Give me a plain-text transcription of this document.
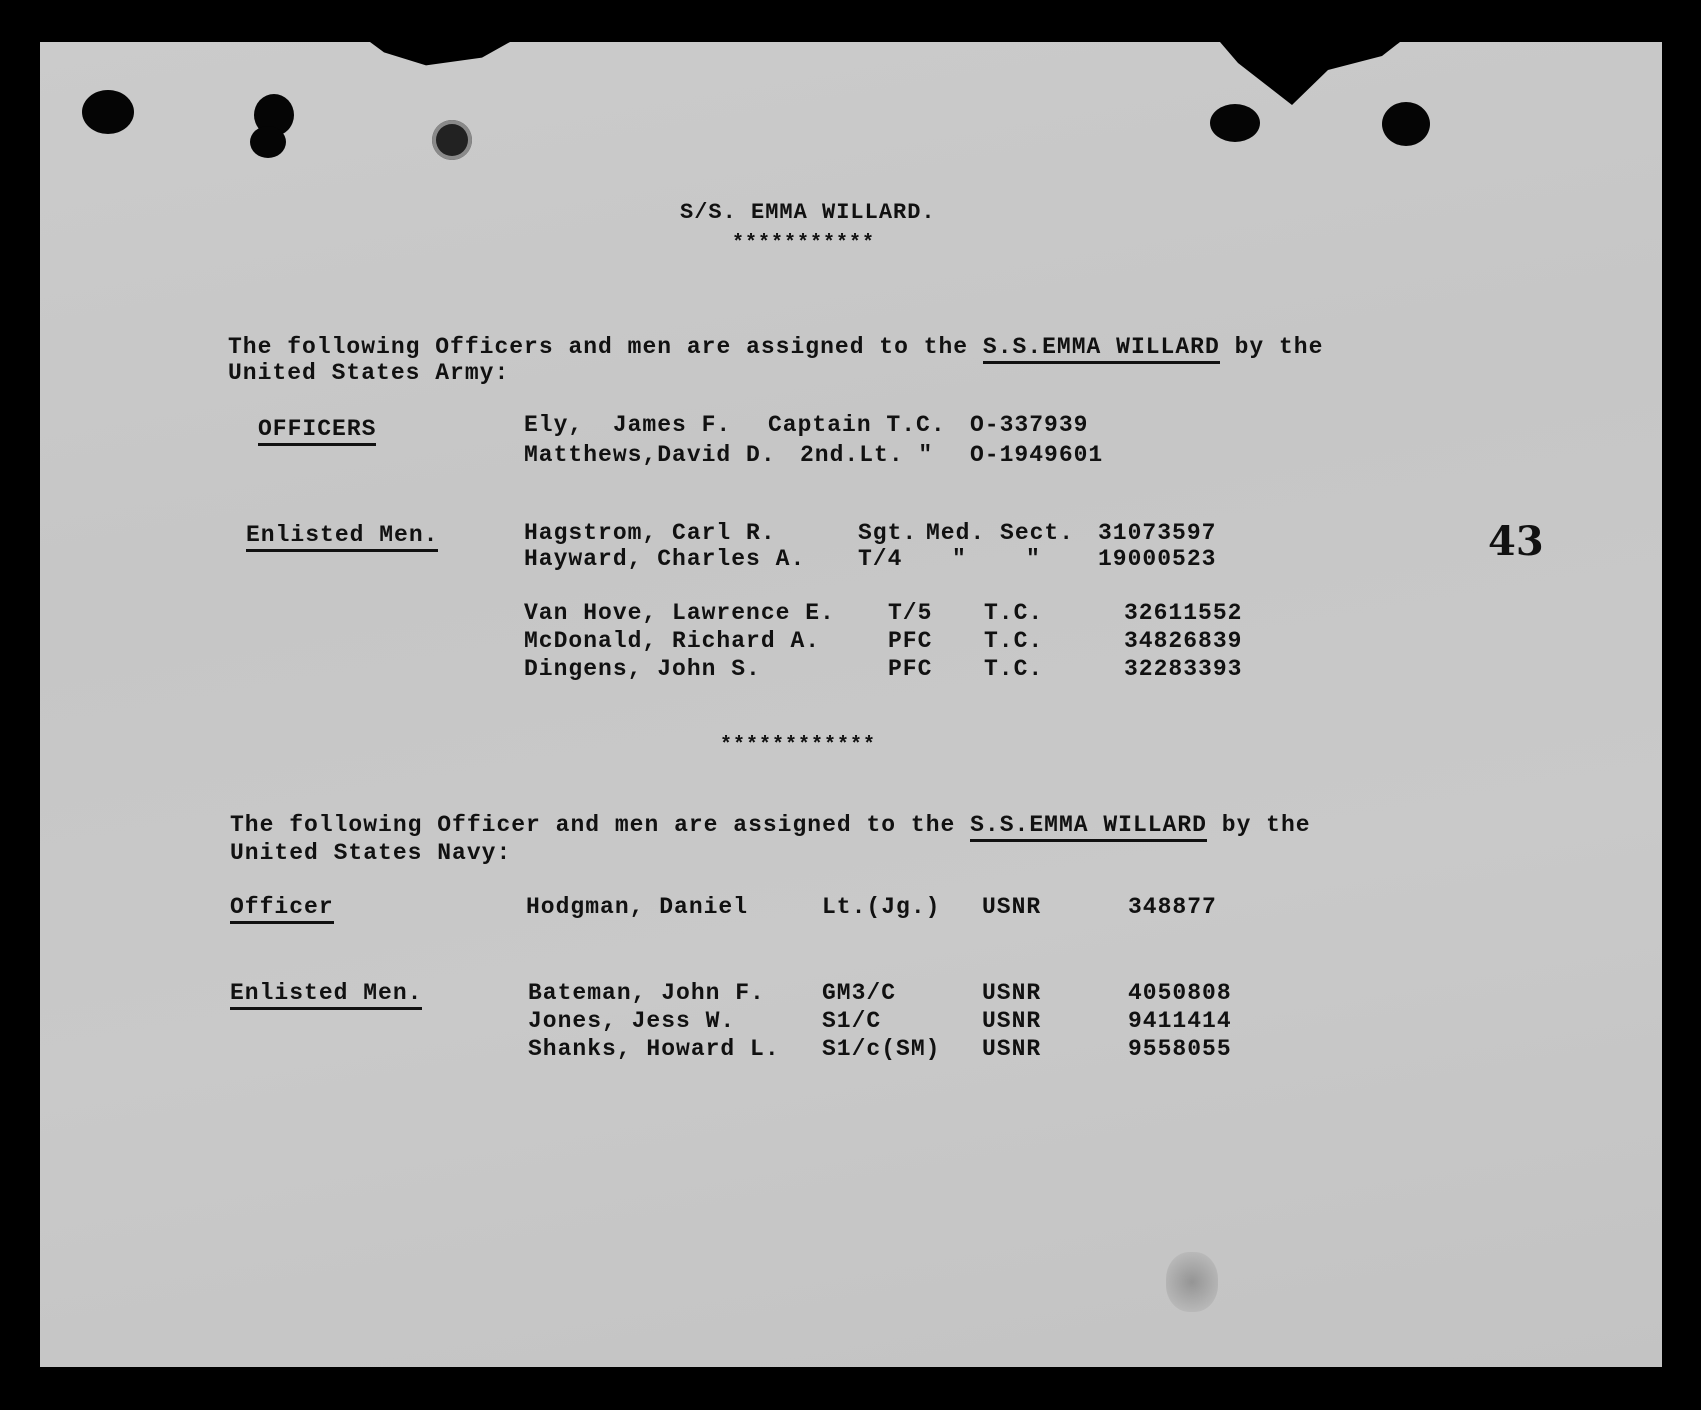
S/S. EMMA WILLARD.
***********
The following Officers and men are assigned to the S.S.EMMA WILLARD by the
United States Army:
OFFICERS	Ely,  James F. Captain T.C. O-337939
Matthews,David D. 2nd.Lt. " O-1949601
Enlisted Men.	Hagstrom, Carl R.	Sgt. Med. Sect. 31073597
Hayward, Charles A. T/4 "    " 19000523
Van Hove, Lawrence E. T/5 T.C.	32611552
McDonald, Richard A.	PFC T.C.	34826839
Dingens, John S.	PFC T.C.	32283393
43
************
The following Officer and men are assigned to the S.S.EMMA WILLARD by the
United States Navy:
Officer	Hodgman, Daniel	Lt.(Jg.) USNR	348877
Enlisted Men.	Bateman, John F. GM3/C	USNR	4050808
Jones, Jess W.	S1/C	USNR	9411414
Shanks, Howard L. S1/c(SM) USNR	9558055
